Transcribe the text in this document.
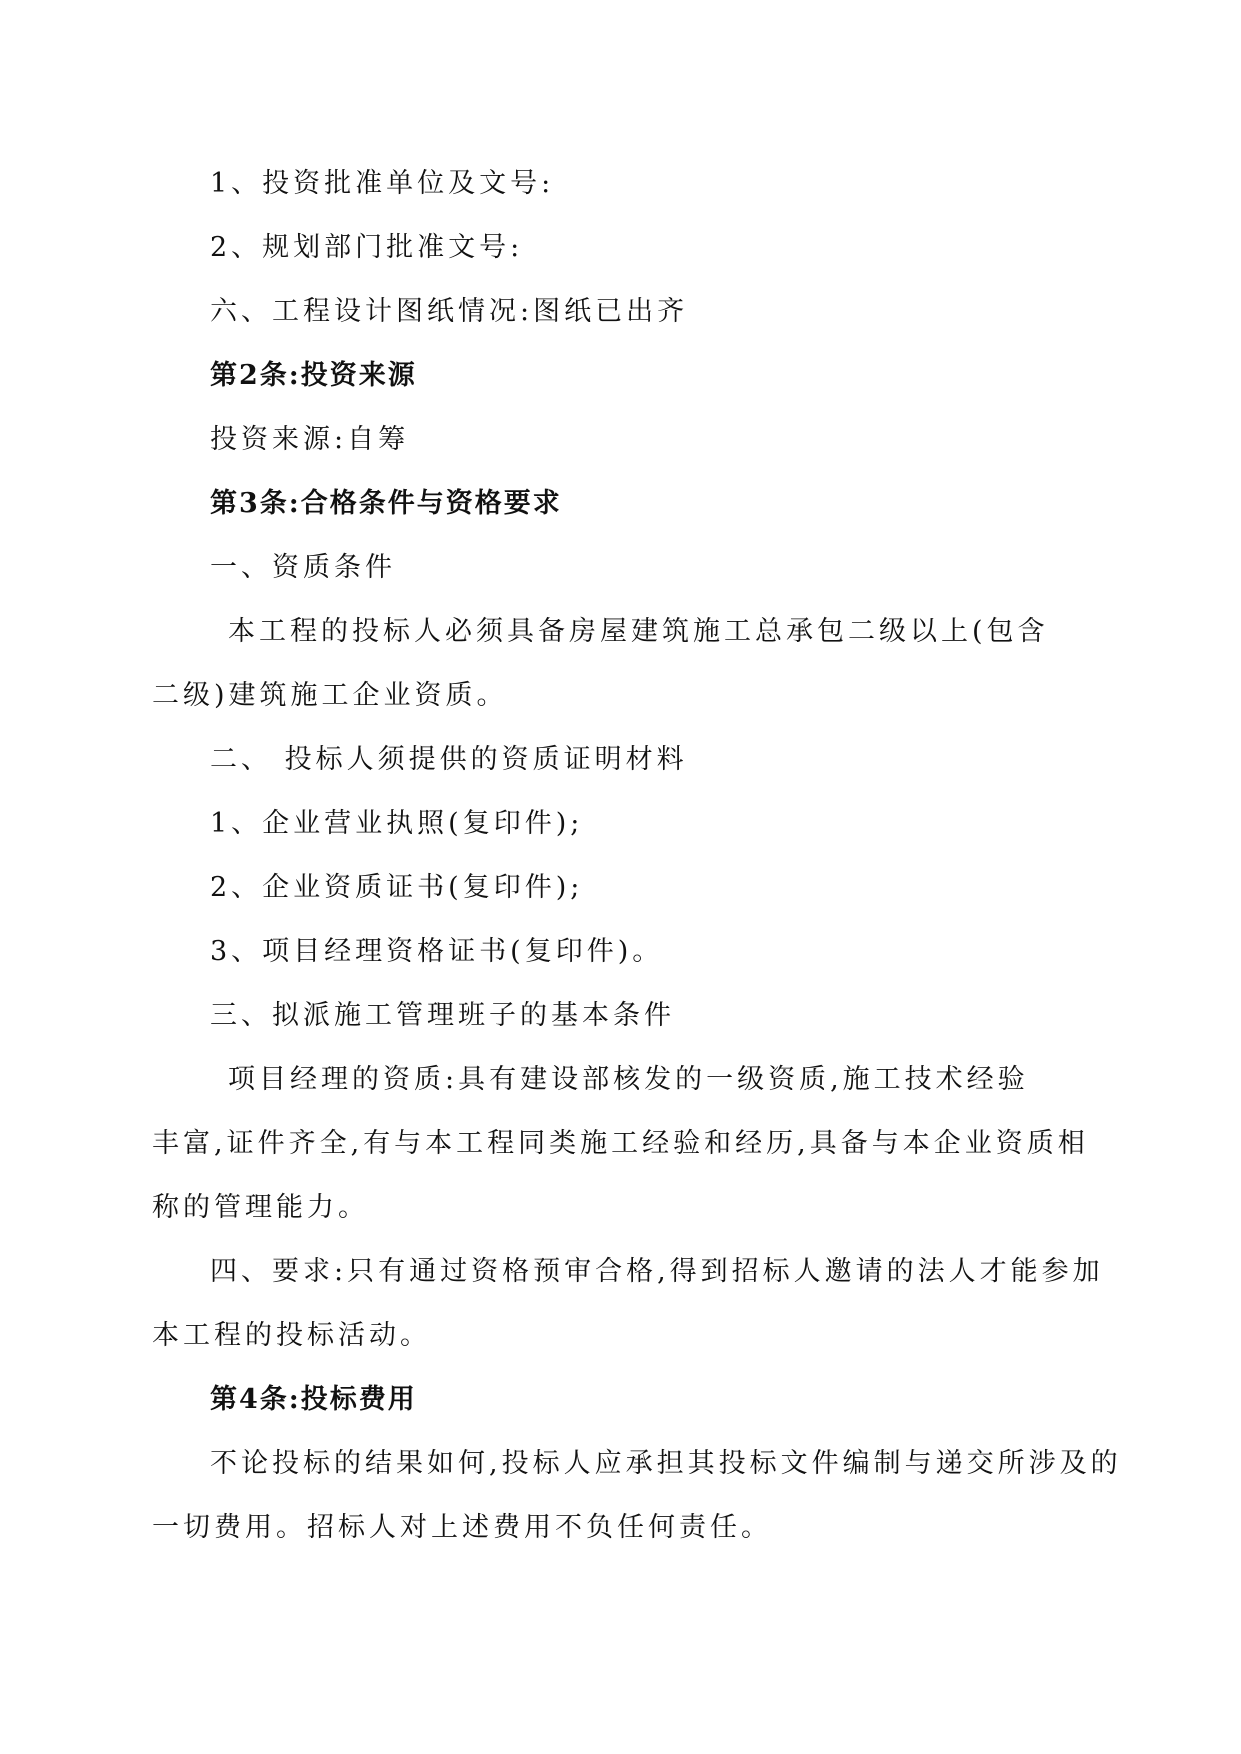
1、投资批准单位及文号:
2、规划部门批准文号:
六、工程设计图纸情况:图纸已出齐
第2条:投资来源
投资来源:自筹
第3条:合格条件与资格要求
一、资质条件
本工程的投标人必须具备房屋建筑施工总承包二级以上(包含
二级)建筑施工企业资质。
二、 投标人须提供的资质证明材料
1、企业营业执照(复印件);
2、企业资质证书(复印件);
3、项目经理资格证书(复印件)。
三、拟派施工管理班子的基本条件
项目经理的资质:具有建设部核发的一级资质,施工技术经验
丰富,证件齐全,有与本工程同类施工经验和经历,具备与本企业资质相
称的管理能力。
四、要求:只有通过资格预审合格,得到招标人邀请的法人才能参加
本工程的投标活动。
第4条:投标费用
不论投标的结果如何,投标人应承担其投标文件编制与递交所涉及的
一切费用。招标人对上述费用不负任何责任。
